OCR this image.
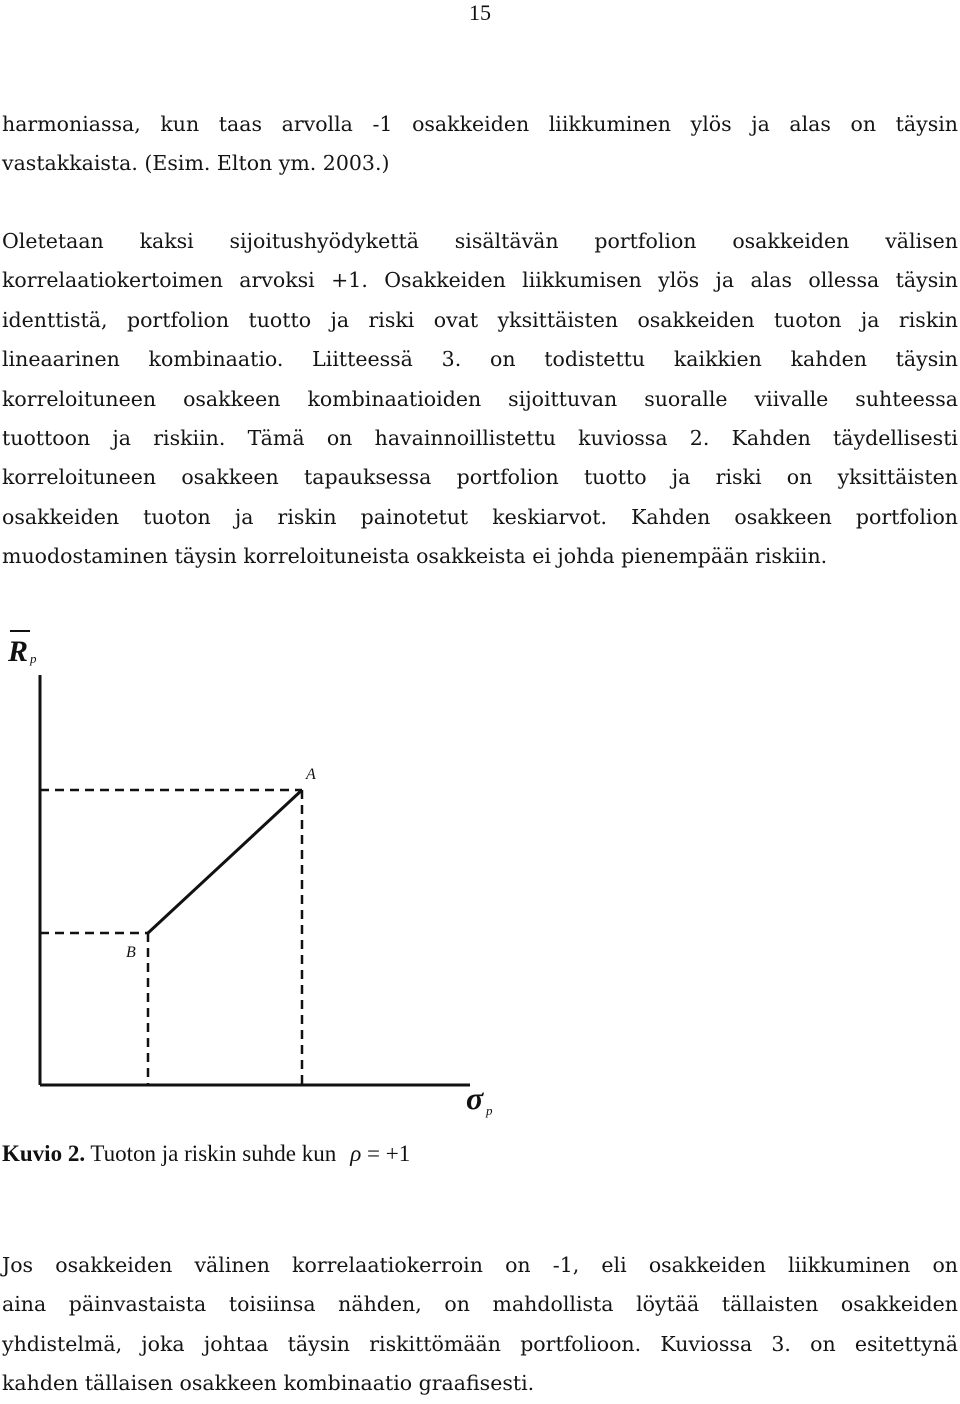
15
harmoniassa, kun taas arvolla -1 osakkeiden liikkuminen ylös ja alas on täysin
vastakkaista. (Esim. Elton ym. 2003.)
Oletetaan kaksi sijoitushyödykettä sisältävän portfolion osakkeiden välisen
korrelaatiokertoimen arvoksi +1. Osakkeiden liikkumisen ylös ja alas ollessa täysin
identtistä, portfolion tuotto ja riski ovat yksittäisten osakkeiden tuoton ja riskin
lineaarinen kombinaatio. Liitteessä 3. on todistettu kaikkien kahden täysin
korreloituneen osakkeen kombinaatioiden sijoittuvan suoralle viivalle suhteessa
tuottoon ja riskiin. Tämä on havainnoillistettu kuviossa 2. Kahden täydellisesti
korreloituneen osakkeen tapauksessa portfolion tuotto ja riski on yksittäisten
osakkeiden tuoton ja riskin painotetut keskiarvot. Kahden osakkeen portfolion
muodostaminen täysin korreloituneista osakkeista ei johda pienempään riskiin.
R p
A
B
σ p
Kuvio 2. Tuoton ja riskin suhde kun ρ = +1
Jos osakkeiden välinen korrelaatiokerroin on -1, eli osakkeiden liikkuminen on
aina päinvastaista toisiinsa nähden, on mahdollista löytää tällaisten osakkeiden
yhdistelmä, joka johtaa täysin riskittömään portfolioon. Kuviossa 3. on esitettynä
kahden tällaisen osakkeen kombinaatio graafisesti.
